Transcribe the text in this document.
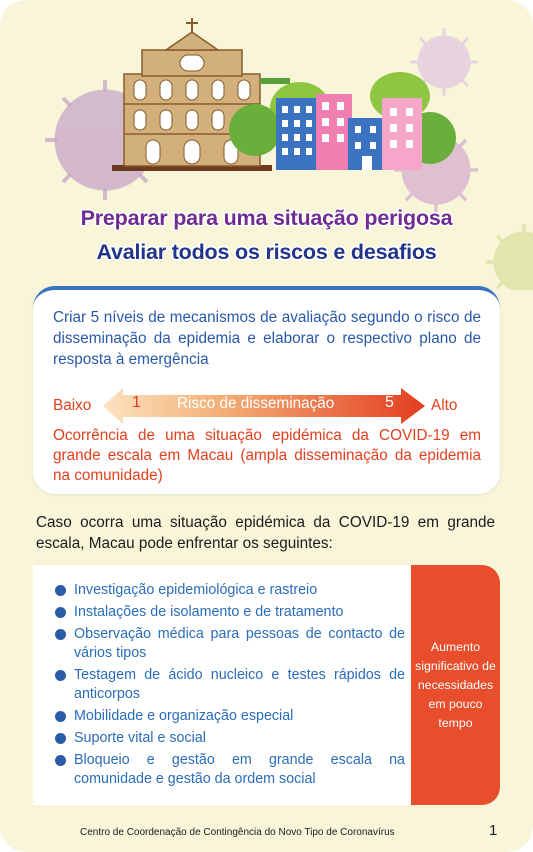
Preparar para uma situação perigosa
Avaliar todos os riscos e desafios
Criar 5 níveis de mecanismos de avaliação segundo o risco de disseminação da epidemia e elaborar o respectivo plano de resposta à emergência
Baixo	1 Risco de disseminação	5 Alto
Ocorrência de uma situação epidémica da COVID-19 em grande escala em Macau (ampla disseminação da epidemia na comunidade)
Caso ocorra uma situação epidémica da COVID-19 em grande escala, Macau pode enfrentar os seguintes:
Investigação epidemiológica e rastreio
Instalações de isolamento e de tratamento
Observação médica para pessoas de contacto de vários tipos
Testagem de ácido nucleico e testes rápidos de anticorpos
Mobilidade e organização especial
Suporte vital e social
Bloqueio e gestão em grande escala na comunidade e gestão da ordem social
Aumento significativo de necessidades em pouco tempo
Centro de Coordenação de Contingência do Novo Tipo de Coronavírus	1
